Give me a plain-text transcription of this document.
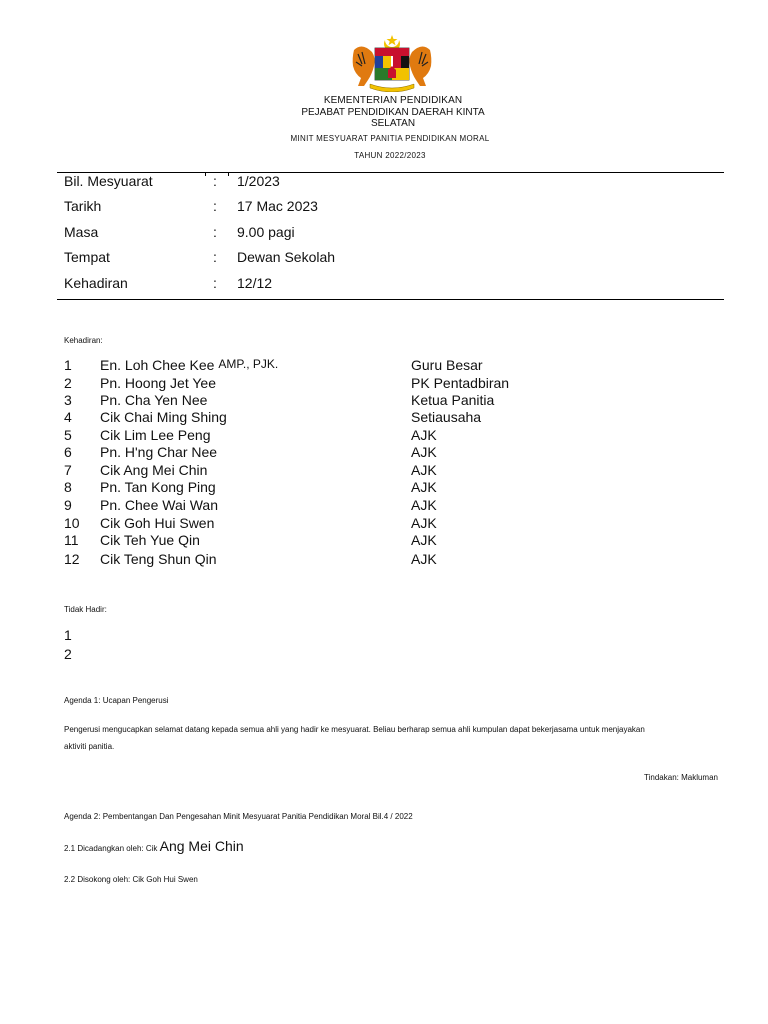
KEMENTERIAN PENDIDIKAN
PEJABAT PENDIDIKAN DAERAH KINTA SELATAN
MINIT MESYUARAT PANITIA PENDIDIKAN MORAL
TAHUN 2022/2023
Bil. Mesyuarat	:	1/2023
Tarikh	:	17 Mac 2023
Masa	:	9.00 pagi
Tempat	:	Dewan Sekolah
Kehadiran	:	12/12
Kehadiran:
1	En. Loh Chee Kee AMP., PJK.	Guru Besar
2	Pn. Hoong Jet Yee	PK Pentadbiran
3	Pn. Cha Yen Nee	Ketua Panitia
4	Cik Chai Ming Shing	Setiausaha
5	Cik Lim Lee Peng	AJK
6	Pn. H'ng Char Nee	AJK
7	Cik Ang Mei Chin	AJK
8	Pn. Tan Kong Ping	AJK
9	Pn. Chee Wai Wan	AJK
10	Cik Goh Hui Swen	AJK
11	Cik Teh Yue Qin	AJK
12	Cik Teng Shun Qin	AJK
Tidak Hadir:
1
2
Agenda 1: Ucapan Pengerusi
Pengerusi mengucapkan selamat datang kepada semua ahli yang hadir ke mesyuarat. Beliau berharap semua ahli kumpulan dapat bekerjasama untuk menjayakan
aktiviti panitia.
Tindakan: Makluman
Agenda 2: Pembentangan Dan Pengesahan Minit Mesyuarat Panitia Pendidikan Moral Bil.4 / 2022
2.1 Dicadangkan oleh: Cik Ang Mei Chin
2.2 Disokong oleh: Cik Goh Hui Swen
